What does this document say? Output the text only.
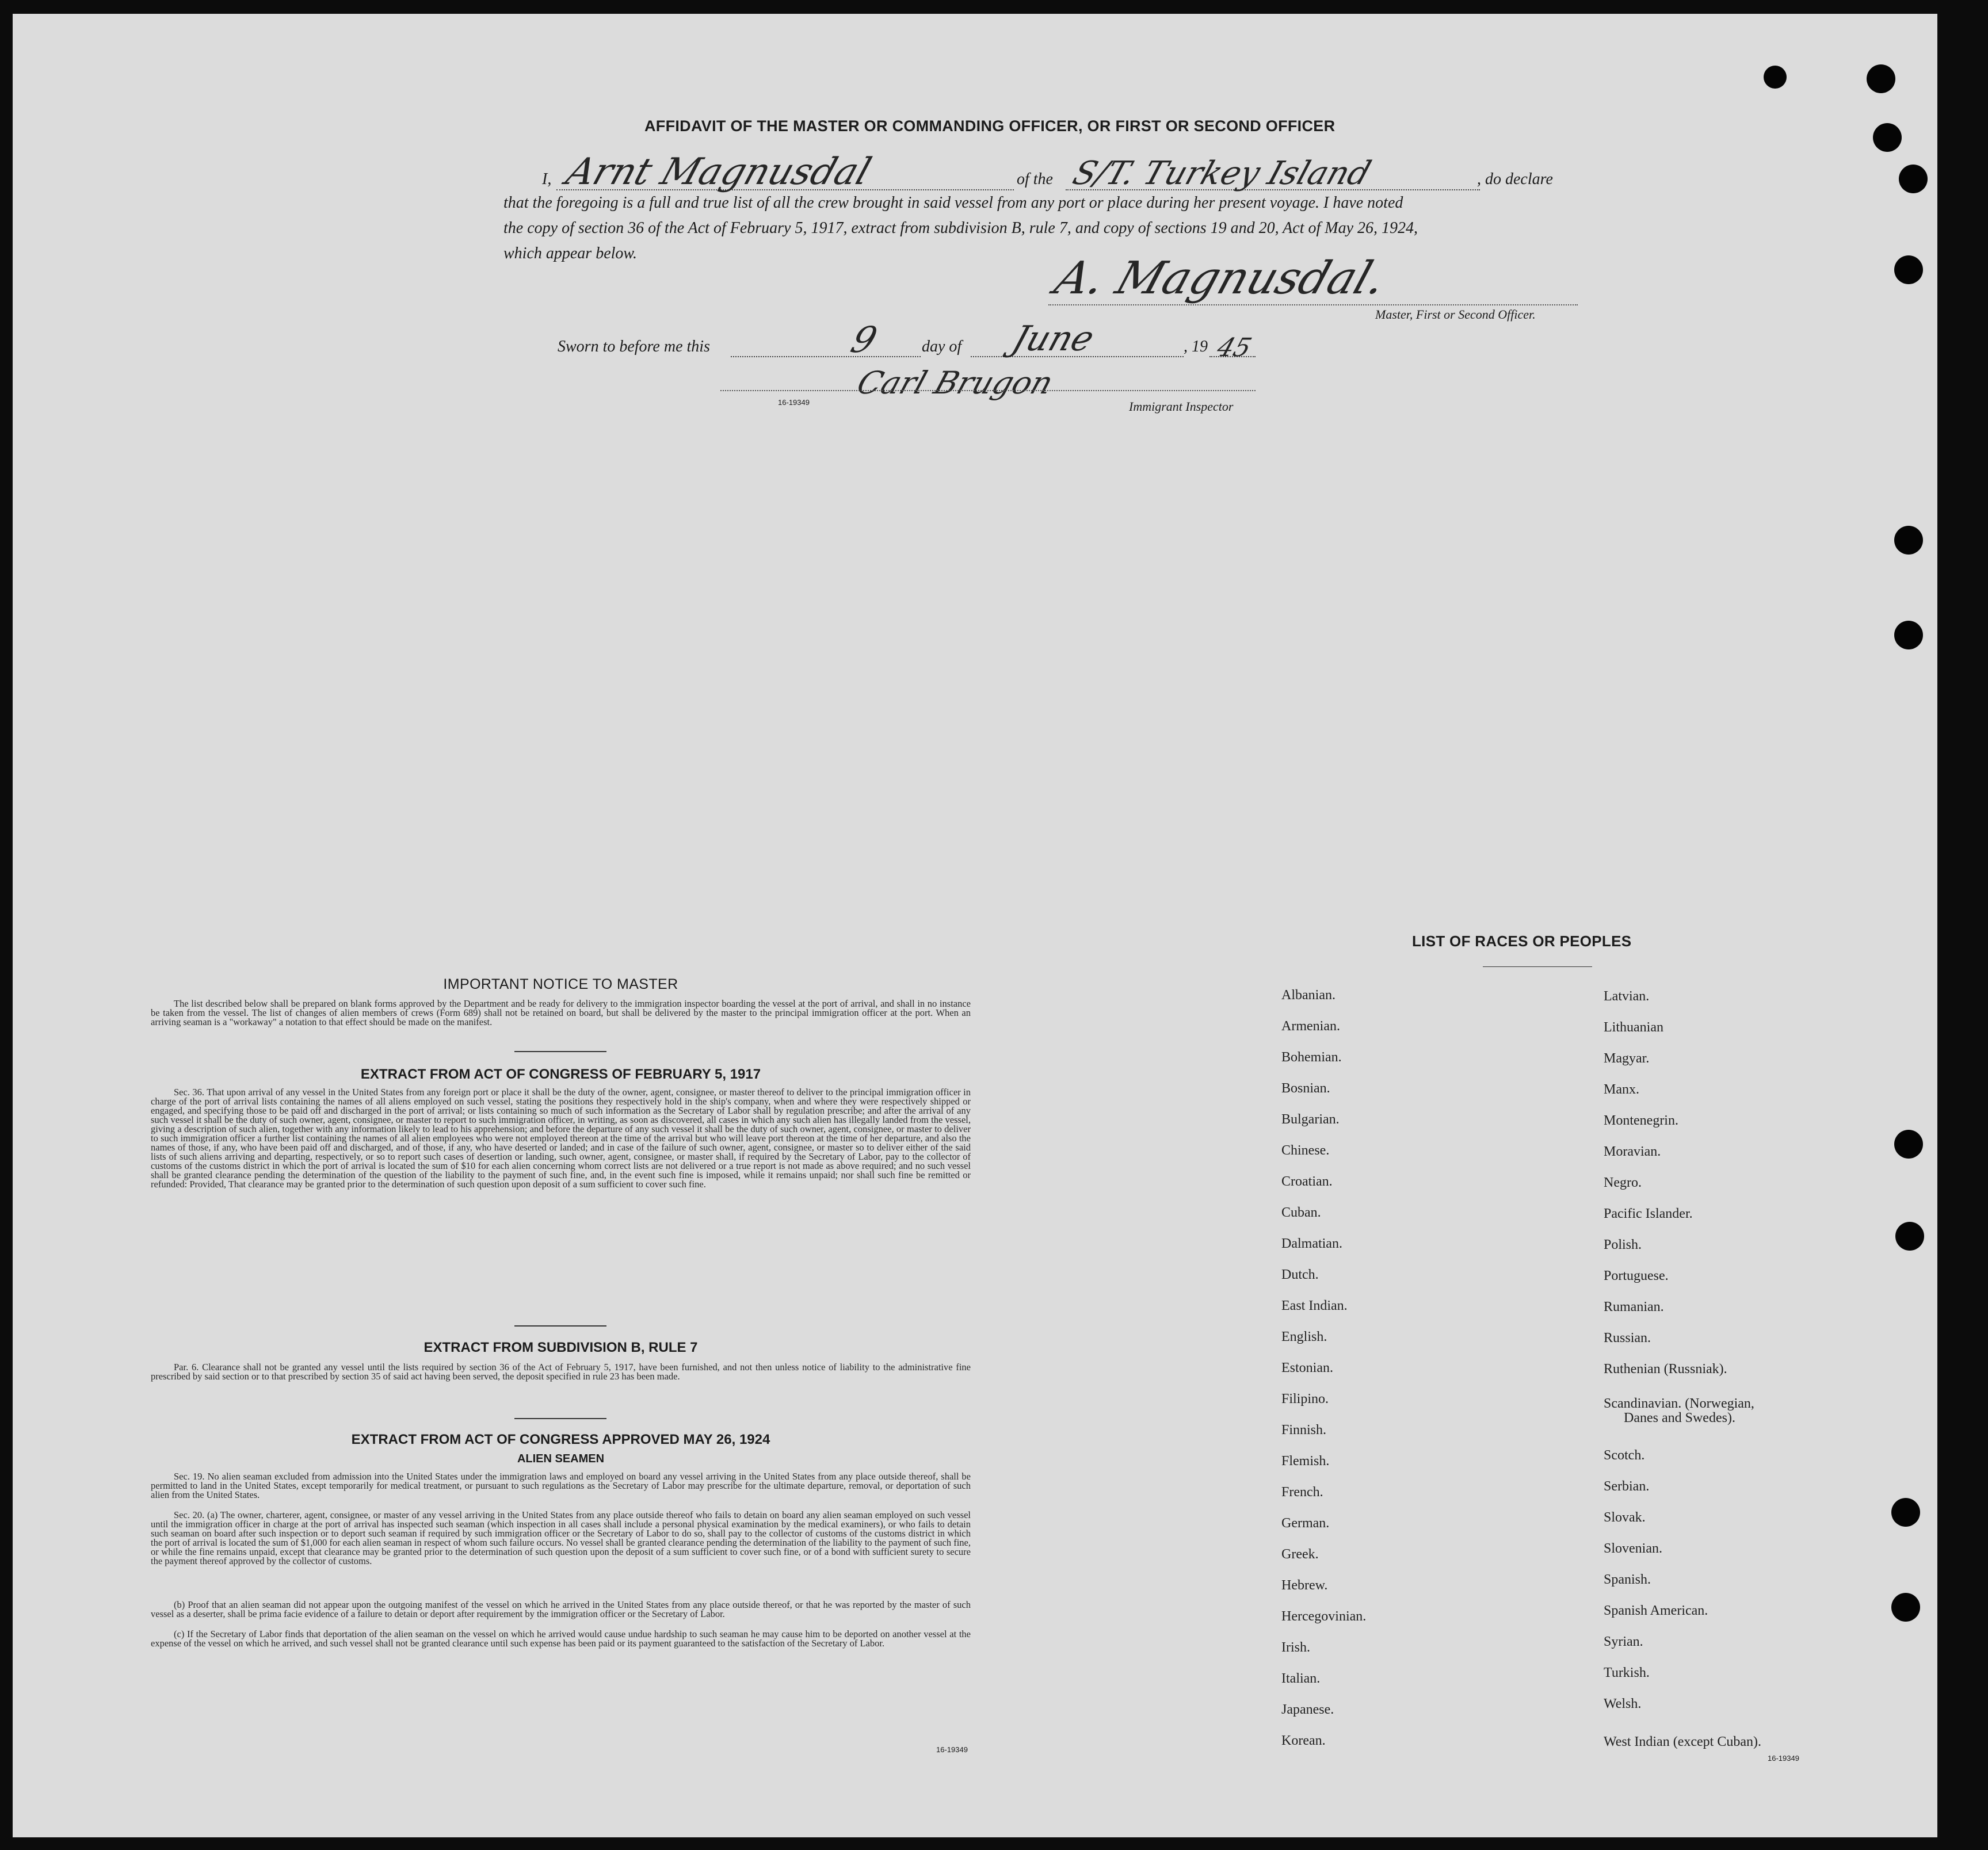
AFFIDAVIT OF THE MASTER OR COMMANDING OFFICER, OR FIRST OR SECOND OFFICER
I, Arnt Magnusdal	of the S/T. Turkey Island	, do declare
that the foregoing is a full and true list of all the crew brought in said vessel from any port or place during her present voyage. I have noted
the copy of section 36 of the Act of February 5, 1917, extract from subdivision B, rule 7, and copy of sections 19 and 20, Act of May 26, 1924,
which appear below.	A. Magnusdal.
Master, First or Second Officer.
Sworn to before me this	9 day of June	, 19 45
Carl Brugon
16-19349	Immigrant Inspector
IMPORTANT NOTICE TO MASTER

The list described below shall be prepared on blank forms approved by the Department and be ready for delivery to the immigration inspector boarding the vessel at the port of arrival, and shall in no instance be taken from the vessel. The list of changes of alien members of crews (Form 689) shall not be retained on board, but shall be delivered by the master to the principal immigration officer at the port. When an arriving seaman is a "workaway" a notation to that effect should be made on the manifest.

EXTRACT FROM ACT OF CONGRESS OF FEBRUARY 5, 1917

Sec. 36. That upon arrival of any vessel in the United States from any foreign port or place it shall be the duty of the owner, agent, consignee, or master thereof to deliver to the principal immigration officer in charge of the port of arrival lists containing the names of all aliens employed on such vessel, stating the positions they respectively hold in the ship's company, when and where they were respectively shipped or engaged, and specifying those to be paid off and discharged in the port of arrival; or lists containing so much of such information as the Secretary of Labor shall by regulation prescribe; and after the arrival of any such vessel it shall be the duty of such owner, agent, consignee, or master to report to such immigration officer, in writing, as soon as discovered, all cases in which any such alien has illegally landed from the vessel, giving a description of such alien, together with any information likely to lead to his apprehension; and before the departure of any such vessel it shall be the duty of such owner, agent, consignee, or master to deliver to such immigration officer a further list containing the names of all alien employees who were not employed thereon at the time of the arrival but who will leave port thereon at the time of her departure, and also the names of those, if any, who have been paid off and discharged, and of those, if any, who have deserted or landed; and in case of the failure of such owner, agent, consignee, or master so to deliver either of the said lists of such aliens arriving and departing, respectively, or so to report such cases of desertion or landing, such owner, agent, consignee, or master shall, if required by the Secretary of Labor, pay to the collector of customs of the customs district in which the port of arrival is located the sum of $10 for each alien concerning whom correct lists are not delivered or a true report is not made as above required; and no such vessel shall be granted clearance pending the determination of the question of the liability to the payment of such fine, and, in the event such fine is imposed, while it remains unpaid; nor shall such fine be remitted or refunded: Provided, That clearance may be granted prior to the determination of such question upon deposit of a sum sufficient to cover such fine.

EXTRACT FROM SUBDIVISION B, RULE 7

Par. 6. Clearance shall not be granted any vessel until the lists required by section 36 of the Act of February 5, 1917, have been furnished, and not then unless notice of liability to the administrative fine prescribed by said section or to that prescribed by section 35 of said act having been served, the deposit specified in rule 23 has been made.

EXTRACT FROM ACT OF CONGRESS APPROVED MAY 26, 1924
ALIEN SEAMEN

Sec. 19. No alien seaman excluded from admission into the United States under the immigration laws and employed on board any vessel arriving in the United States from any place outside thereof, shall be permitted to land in the United States, except temporarily for medical treatment, or pursuant to such regulations as the Secretary of Labor may prescribe for the ultimate departure, removal, or deportation of such alien from the United States.

Sec. 20. (a) The owner, charterer, agent, consignee, or master of any vessel arriving in the United States from any place outside thereof who fails to detain on board any alien seaman employed on such vessel until the immigration officer in charge at the port of arrival has inspected such seaman (which inspection in all cases shall include a personal physical examination by the medical examiners), or who fails to detain such seaman on board after such inspection or to deport such seaman if required by such immigration officer or the Secretary of Labor to do so, shall pay to the collector of customs of the customs district in which the port of arrival is located the sum of $1,000 for each alien seaman in respect of whom such failure occurs. No vessel shall be granted clearance pending the determination of the liability to the payment of such fine, or while the fine remains unpaid, except that clearance may be granted prior to the determination of such question upon the deposit of a sum sufficient to cover such fine, or of a bond with sufficient surety to secure the payment thereof approved by the collector of customs.

(b) Proof that an alien seaman did not appear upon the outgoing manifest of the vessel on which he arrived in the United States from any place outside thereof, or that he was reported by the master of such vessel as a deserter, shall be prima facie evidence of a failure to detain or deport after requirement by the immigration officer or the Secretary of Labor.

(c) If the Secretary of Labor finds that deportation of the alien seaman on the vessel on which he arrived would cause undue hardship to such seaman he may cause him to be deported on another vessel at the expense of the vessel on which he arrived, and such vessel shall not be granted clearance until such expense has been paid or its payment guaranteed to the satisfaction of the Secretary of Labor.

16-19349
LIST OF RACES OR PEOPLES
Albanian.
Armenian.
Bohemian.
Bosnian.
Bulgarian.
Chinese.
Croatian.
Cuban.
Dalmatian.
Dutch.
East Indian.
English.
Estonian.
Filipino.
Finnish.
Flemish.
French.
German.
Greek.
Hebrew.
Hercegovinian.
Irish.
Italian.
Japanese.
Korean.
Latvian.
Lithuanian
Magyar.
Manx.
Montenegrin.
Moravian.
Negro.
Pacific Islander.
Polish.
Portuguese.
Rumanian.
Russian.
Ruthenian (Russniak).
Scandinavian. (Norwegian,
Danes and Swedes).
Scotch.
Serbian.
Slovak.
Slovenian.
Spanish.
Spanish American.
Syrian.
Turkish.
Welsh.
West Indian (except Cuban).
16-19349
